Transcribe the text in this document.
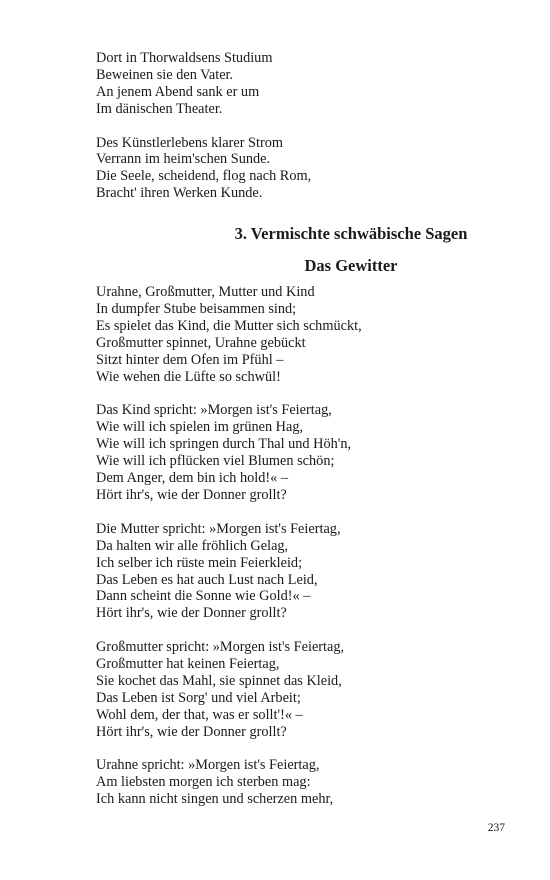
Dort in Thorwaldsens Studium
Beweinen sie den Vater.
An jenem Abend sank er um
Im dänischen Theater.
Des Künstlerlebens klarer Strom
Verrann im heim'schen Sunde.
Die Seele, scheidend, flog nach Rom,
Bracht' ihren Werken Kunde.
3. Vermischte schwäbische Sagen
Das Gewitter
Urahne, Großmutter, Mutter und Kind
In dumpfer Stube beisammen sind;
Es spielet das Kind, die Mutter sich schmückt,
Großmutter spinnet, Urahne gebückt
Sitzt hinter dem Ofen im Pfühl –
Wie wehen die Lüfte so schwül!
Das Kind spricht: »Morgen ist's Feiertag,
Wie will ich spielen im grünen Hag,
Wie will ich springen durch Thal und Höh'n,
Wie will ich pflücken viel Blumen schön;
Dem Anger, dem bin ich hold!« –
Hört ihr's, wie der Donner grollt?
Die Mutter spricht: »Morgen ist's Feiertag,
Da halten wir alle fröhlich Gelag,
Ich selber ich rüste mein Feierkleid;
Das Leben es hat auch Lust nach Leid,
Dann scheint die Sonne wie Gold!« –
Hört ihr's, wie der Donner grollt?
Großmutter spricht: »Morgen ist's Feiertag,
Großmutter hat keinen Feiertag,
Sie kochet das Mahl, sie spinnet das Kleid,
Das Leben ist Sorg' und viel Arbeit;
Wohl dem, der that, was er sollt'!« –
Hört ihr's, wie der Donner grollt?
Urahne spricht: »Morgen ist's Feiertag,
Am liebsten morgen ich sterben mag:
Ich kann nicht singen und scherzen mehr,
237
